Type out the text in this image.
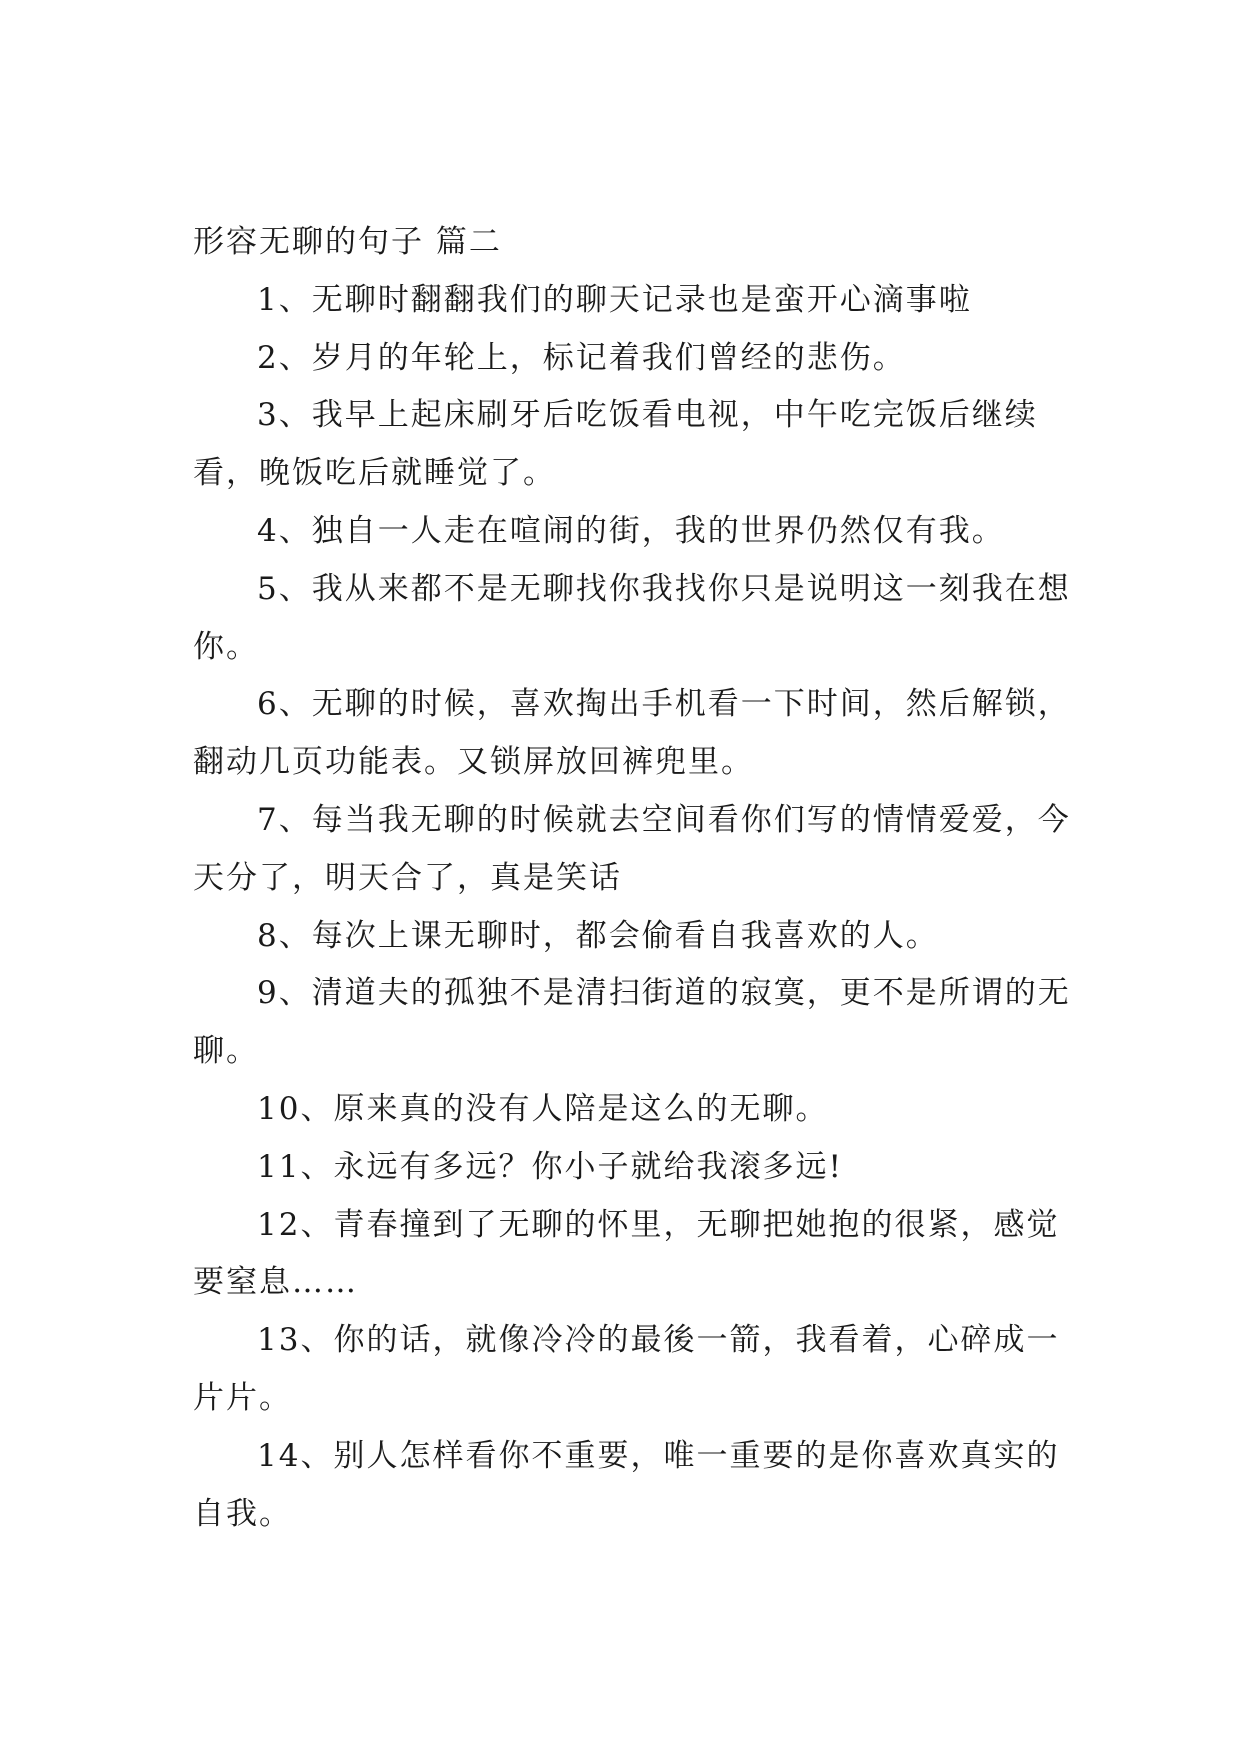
形容无聊的句子 篇二

1、无聊时翻翻我们的聊天记录也是蛮开心滴事啦

2、岁月的年轮上，标记着我们曾经的悲伤。

3、我早上起床刷牙后吃饭看电视，中午吃完饭后继续看，晚饭吃后就睡觉了。

4、独自一人走在喧闹的街，我的世界仍然仅有我。

5、我从来都不是无聊找你我找你只是说明这一刻我在想你。

6、无聊的时候，喜欢掏出手机看一下时间，然后解锁，翻动几页功能表。又锁屏放回裤兜里。

7、每当我无聊的时候就去空间看你们写的情情爱爱，今天分了，明天合了，真是笑话

8、每次上课无聊时，都会偷看自我喜欢的人。

9、清道夫的孤独不是清扫街道的寂寞，更不是所谓的无聊。

10、原来真的没有人陪是这么的无聊。

11、永远有多远？你小子就给我滚多远!

12、青春撞到了无聊的怀里，无聊把她抱的很紧，感觉要窒息……

13、你的话，就像冷冷的最後一箭，我看着，心碎成一片片。

14、别人怎样看你不重要，唯一重要的是你喜欢真实的自我。
